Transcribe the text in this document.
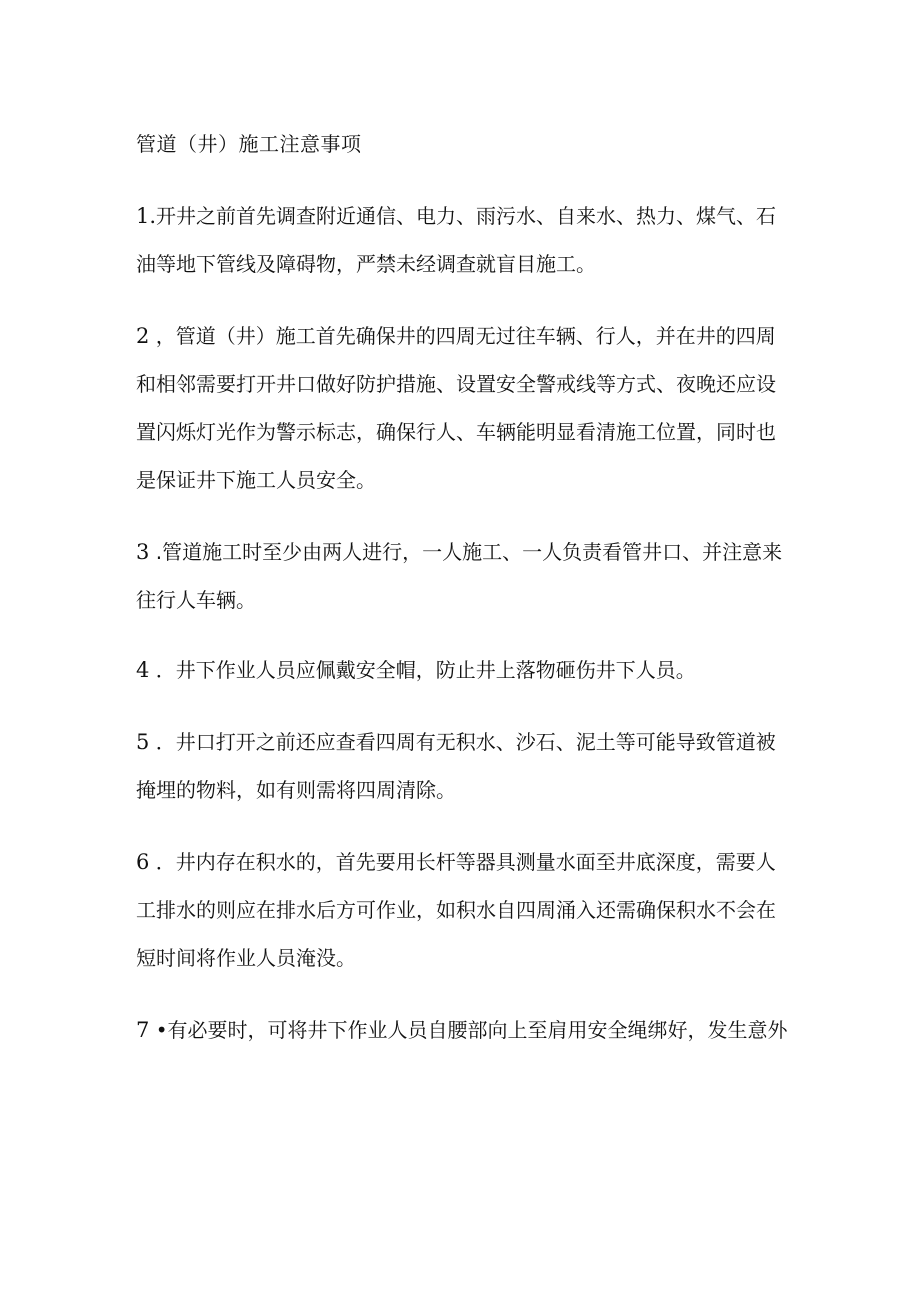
管道（井）施工注意事项
1.开井之前首先调查附近通信、电力、雨污水、自来水、热力、煤气、石
油等地下管线及障碍物，严禁未经调查就盲目施工。
2 ，管道（井）施工首先确保井的四周无过往车辆、行人，并在井的四周
和相邻需要打开井口做好防护措施、设置安全警戒线等方式、夜晚还应设
置闪烁灯光作为警示标志，确保行人、车辆能明显看清施工位置，同时也
是保证井下施工人员安全。
3 .管道施工时至少由两人进行，一人施工、一人负责看管井口、并注意来
往行人车辆。
4 ．井下作业人员应佩戴安全帽，防止井上落物砸伤井下人员。
5 ．井口打开之前还应查看四周有无积水、沙石、泥土等可能导致管道被
掩埋的物料，如有则需将四周清除。
6 ．井内存在积水的，首先要用长杆等器具测量水面至井底深度，需要人
工排水的则应在排水后方可作业，如积水自四周涌入还需确保积水不会在
短时间将作业人员淹没。
7 •有必要时，可将井下作业人员自腰部向上至肩用安全绳绑好，发生意外
